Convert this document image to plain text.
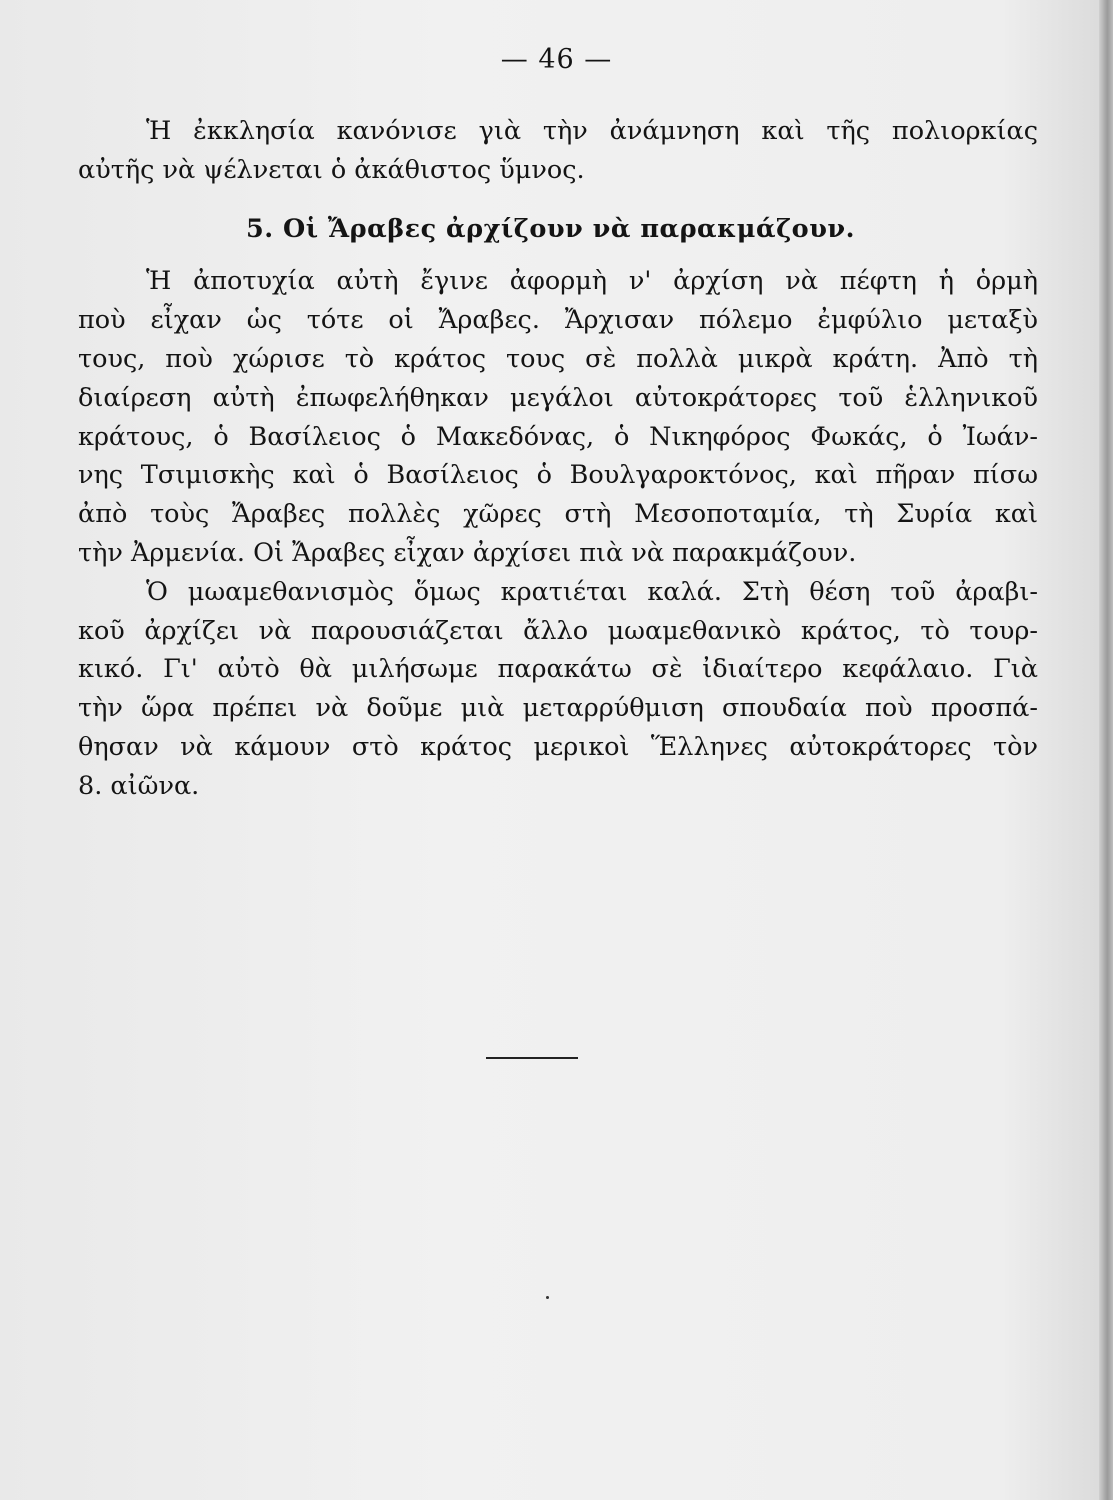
— 46 —
Ἡ ἐκκλησία κανόνισε γιὰ τὴν ἀνάμνηση καὶ τῆς πολιορκίας
αὐτῆς νὰ ψέλνεται ὁ ἀκάθιστος ὕμνος.
5. Οἱ Ἄραβες ἀρχίζουν νὰ παρακμάζουν.
Ἡ ἀποτυχία αὐτὴ ἔγινε ἀφορμὴ ν' ἀρχίση νὰ πέφτη ἡ ὁρμὴ
ποὺ εἶχαν ὡς τότε οἱ Ἄραβες. Ἄρχισαν πόλεμο ἐμφύλιο μεταξὺ
τους, ποὺ χώρισε τὸ κράτος τους σὲ πολλὰ μικρὰ κράτη. Ἀπὸ τὴ
διαίρεση αὐτὴ ἐπωφελήθηκαν μεγάλοι αὐτοκράτορες τοῦ ἑλληνικοῦ
κράτους, ὁ Βασίλειος ὁ Μακεδόνας, ὁ Νικηφόρος Φωκάς, ὁ Ἰωάν-
νης Τσιμισκὴς καὶ ὁ Βασίλειος ὁ Βουλγαροκτόνος, καὶ πῆραν πίσω
ἀπὸ τοὺς Ἄραβες πολλὲς χῶρες στὴ Μεσοποταμία, τὴ Συρία καὶ
τὴν Ἀρμενία. Οἱ Ἄραβες εἶχαν ἀρχίσει πιὰ νὰ παρακμάζουν.
Ὁ μωαμεθανισμὸς ὅμως κρατιέται καλά. Στὴ θέση τοῦ ἀραβι-
κοῦ ἀρχίζει νὰ παρουσιάζεται ἄλλο μωαμεθανικὸ κράτος, τὸ τουρ-
κικό. Γι' αὐτὸ θὰ μιλήσωμε παρακάτω σὲ ἰδιαίτερο κεφάλαιο. Γιὰ
τὴν ὥρα πρέπει νὰ δοῦμε μιὰ μεταρρύθμιση σπουδαία ποὺ προσπά-
θησαν νὰ κάμουν στὸ κράτος μερικοὶ Ἕλληνες αὐτοκράτορες τὸν
8. αἰῶνα.
